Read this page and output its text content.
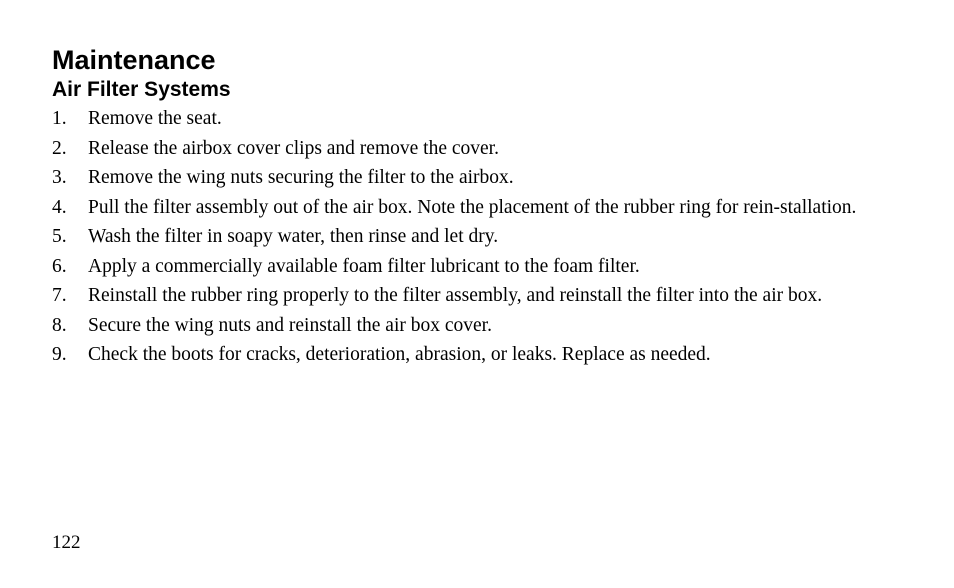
Maintenance
Air Filter Systems
1.	Remove the seat.
2.	Release the airbox cover clips and remove the cover.
3.	Remove the wing nuts securing the filter to the airbox.
4.	Pull the filter assembly out of the air box. Note the placement of the rubber ring for rein-stallation.
5.	Wash the filter in soapy water, then rinse and let dry.
6.	Apply a commercially available foam filter lubricant to the foam filter.
7.	Reinstall the rubber ring properly to the filter assembly, and reinstall the filter into the air box.
8.	Secure the wing nuts and reinstall the air box cover.
9.	Check the boots for cracks, deterioration, abrasion, or leaks. Replace as needed.
122
